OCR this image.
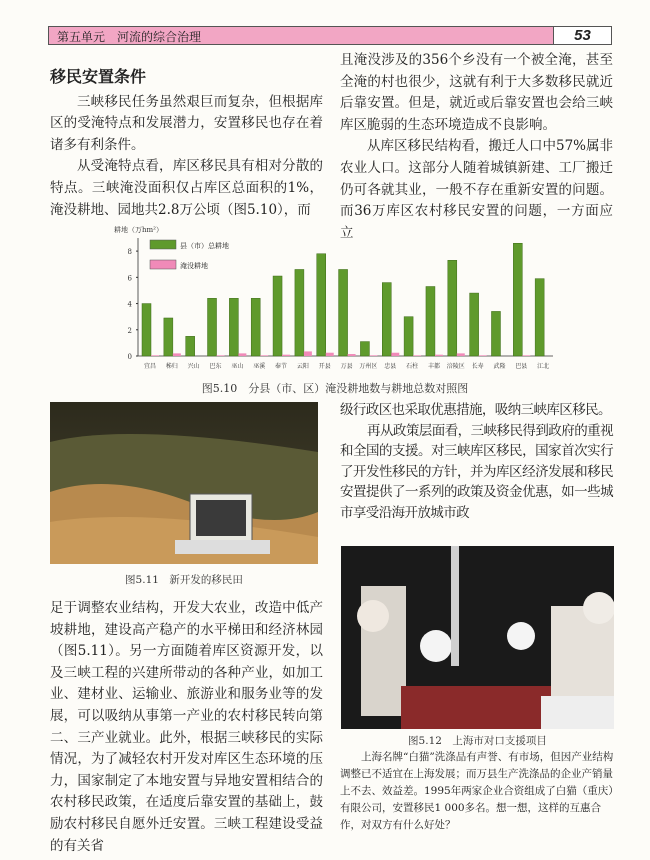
第五单元　河流的综合治理	53
移民安置条件

三峡移民任务虽然艰巨而复杂，但根据库区的受淹特点和发展潜力，安置移民也存在着诸多有利条件。

从受淹特点看，库区移民具有相对分散的特点。三峡淹没面积仅占库区总面积的1%，淹没耕地、园地共2.8万公顷（图5.10），而

且淹没涉及的356个乡没有一个被全淹，甚至全淹的村也很少，这就有利于大多数移民就近后靠安置。但是，就近或后靠安置也会给三峡库区脆弱的生态环境造成不良影响。

从库区移民结构看，搬迁人口中57%属非农业人口。这部分人随着城镇新建、工厂搬迁仍可各就其业，一般不存在重新安置的问题。而36万库区农村移民安置的问题，一方面应立

耕地（万hm²）
0
2
4
6
8
宜昌 秭归 兴山 巴东 巫山 巫溪 奉节 云阳 开县 万县 万州区 忠县 石柱 丰都 涪陵区 长寿 武隆 巴县 江北
县（市）总耕地
淹没耕地
图5.10　分县（市、区）淹没耕地数与耕地总数对照图
图5.11　新开发的移民田

级行政区也采取优惠措施，吸纳三峡库区移民。

再从政策层面看，三峡移民得到政府的重视和全国的支援。对三峡库区移民，国家首次实行了开发性移民的方针，并为库区经济发展和移民安置提供了一系列的政策及资金优惠，如一些城市享受沿海开放城市政

足于调整农业结构，开发大农业，改造中低产坡耕地，建设高产稳产的水平梯田和经济林园（图5.11）。另一方面随着库区资源开发，以及三峡工程的兴建所带动的各种产业，如加工业、建材业、运输业、旅游业和服务业等的发展，可以吸纳从事第一产业的农村移民转向第二、三产业就业。此外，根据三峡移民的实际情况，为了减轻农村开发对库区生态环境的压力，国家制定了本地安置与异地安置相结合的农村移民政策，在适度后靠安置的基础上，鼓励农村移民自愿外迁安置。三峡工程建设受益的有关省

图5.12　上海市对口支援项目

上海名牌“白猫”洗涤品有声誉、有市场，但因产业结构调整已不适宜在上海发展；而万县生产洗涤品的企业产销量上不去、效益差。1995年两家企业合资组成了白猫（重庆）有限公司，安置移民1 000多名。想一想，这样的互惠合作，对双方有什么好处？
